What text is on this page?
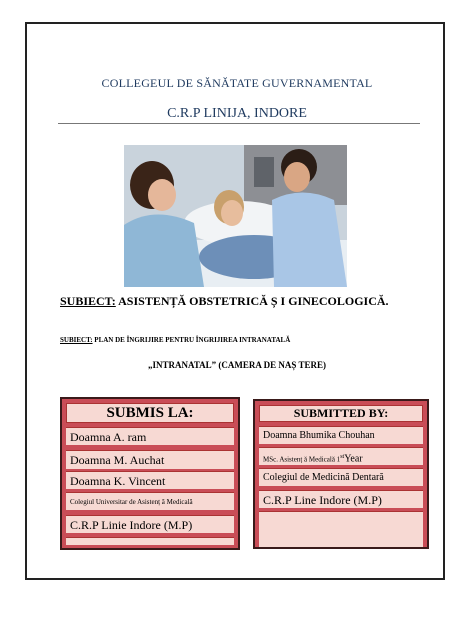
COLLEGEUL DE SĂNĂTATE GUVERNAMENTAL
C.R.P LINIJA, INDORE
SUBIECT: ASISTENȚĂ OBSTETRICĂ Ș I GINECOLOGICĂ.
SUBIECT: PLAN DE ÎNGRIJIRE PENTRU ÎNGRIJIREA INTRANATALĂ
„INTRANATAL” (CAMERA DE NAȘ TERE)
SUBMIS LA:
Doamna A. ram
Doamna M. Auchat
Doamna K. Vincent
Colegiul Universitar de Asistenț ă Medicală
C.R.P Linie Indore (M.P)
SUBMITTED BY:
Doamna Bhumika Chouhan
MSc. Asistenț ă Medicală 1stYear
Colegiul de Medicină Dentară
C.R.P Line Indore (M.P)
